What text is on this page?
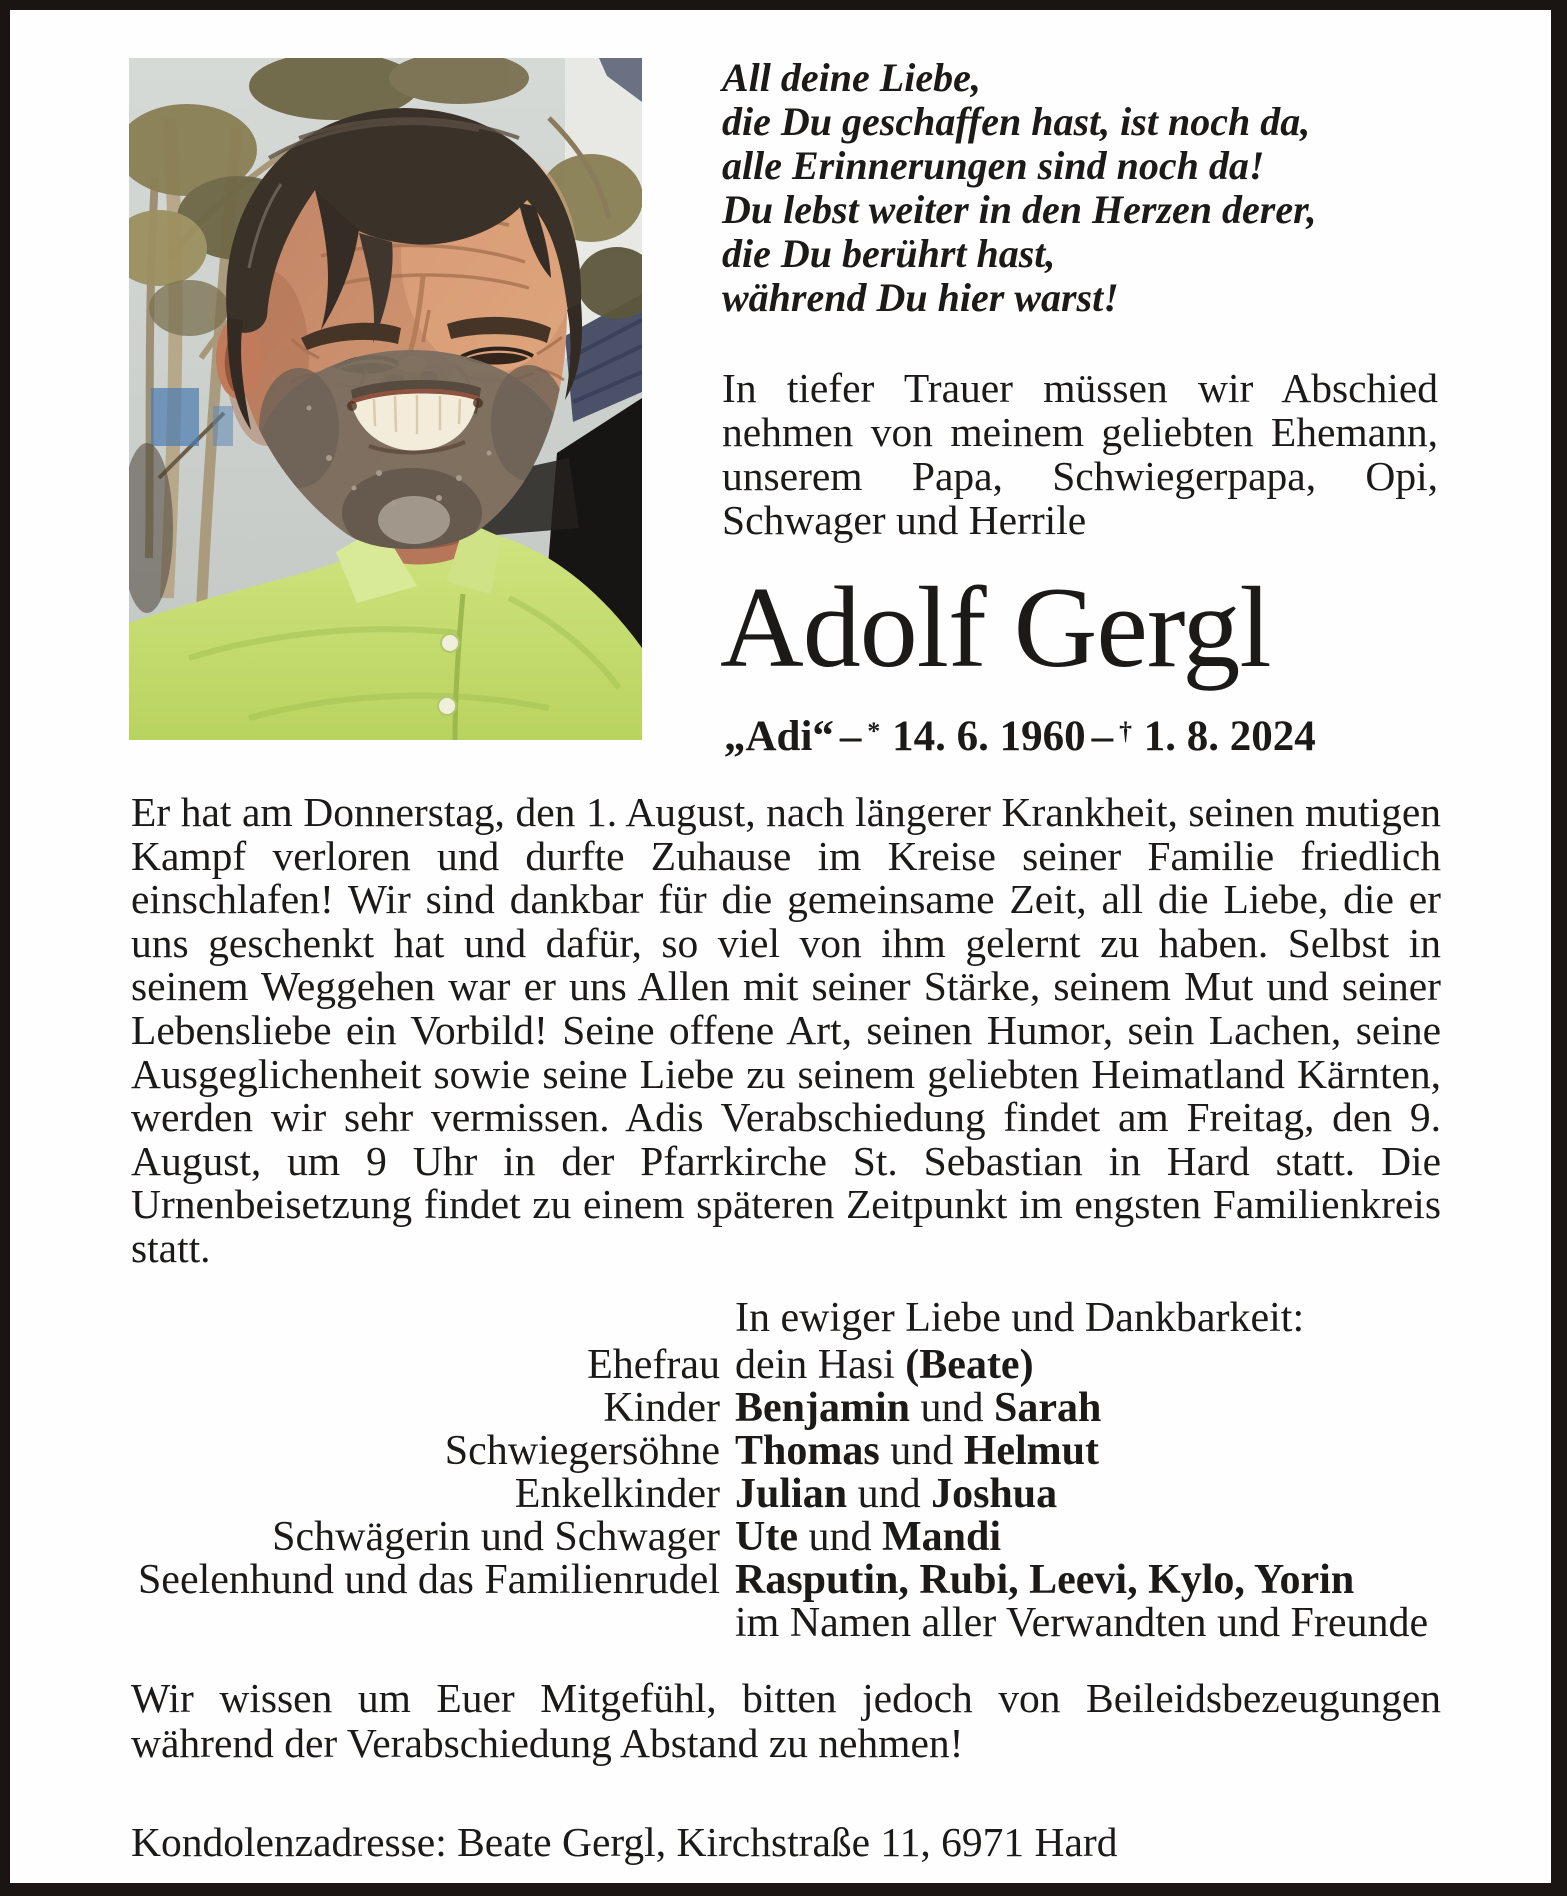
All deine Liebe,
die Du geschaffen hast, ist noch da,
alle Erinnerungen sind noch da!
Du lebst weiter in den Herzen derer,
die Du berührt hast,
während Du hier warst!
In tiefer Trauer müssen wir Abschied nehmen von meinem geliebten Ehemann, unserem Papa, Schwiegerpapa, Opi, Schwager und Herrile
Adolf Gergl
„Adi“ – * 14. 6. 1960 – † 1. 8. 2024
Er hat am Donnerstag, den 1. August, nach längerer Krankheit, seinen mutigen Kampf verloren und durfte Zuhause im Kreise seiner Familie friedlich einschlafen! Wir sind dankbar für die gemeinsame Zeit, all die Liebe, die er uns geschenkt hat und dafür, so viel von ihm gelernt zu haben. Selbst in seinem Weggehen war er uns Allen mit seiner Stärke, seinem Mut und seiner Lebensliebe ein Vorbild! Seine offene Art, seinen Humor, sein Lachen, seine Ausgeglichenheit sowie seine Liebe zu seinem geliebten Heimatland Kärnten, werden wir sehr vermissen. Adis Verabschiedung findet am Freitag, den 9. August, um 9 Uhr in der Pfarrkirche St. Sebastian in Hard statt. Die Urnenbeisetzung findet zu einem späteren Zeitpunkt im engsten Familienkreis statt.
In ewiger Liebe und Dankbarkeit:
Ehefrau dein Hasi (Beate)
Kinder Benjamin und Sarah
Schwiegersöhne Thomas und Helmut
Enkelkinder Julian und Joshua
Schwägerin und Schwager Ute und Mandi
Seelenhund und das Familienrudel Rasputin, Rubi, Leevi, Kylo, Yorin
im Namen aller Verwandten und Freunde
Wir wissen um Euer Mitgefühl, bitten jedoch von Beileidsbezeugungen während der Verabschiedung Abstand zu nehmen!
Kondolenzadresse: Beate Gergl, Kirchstraße 11, 6971 Hard
